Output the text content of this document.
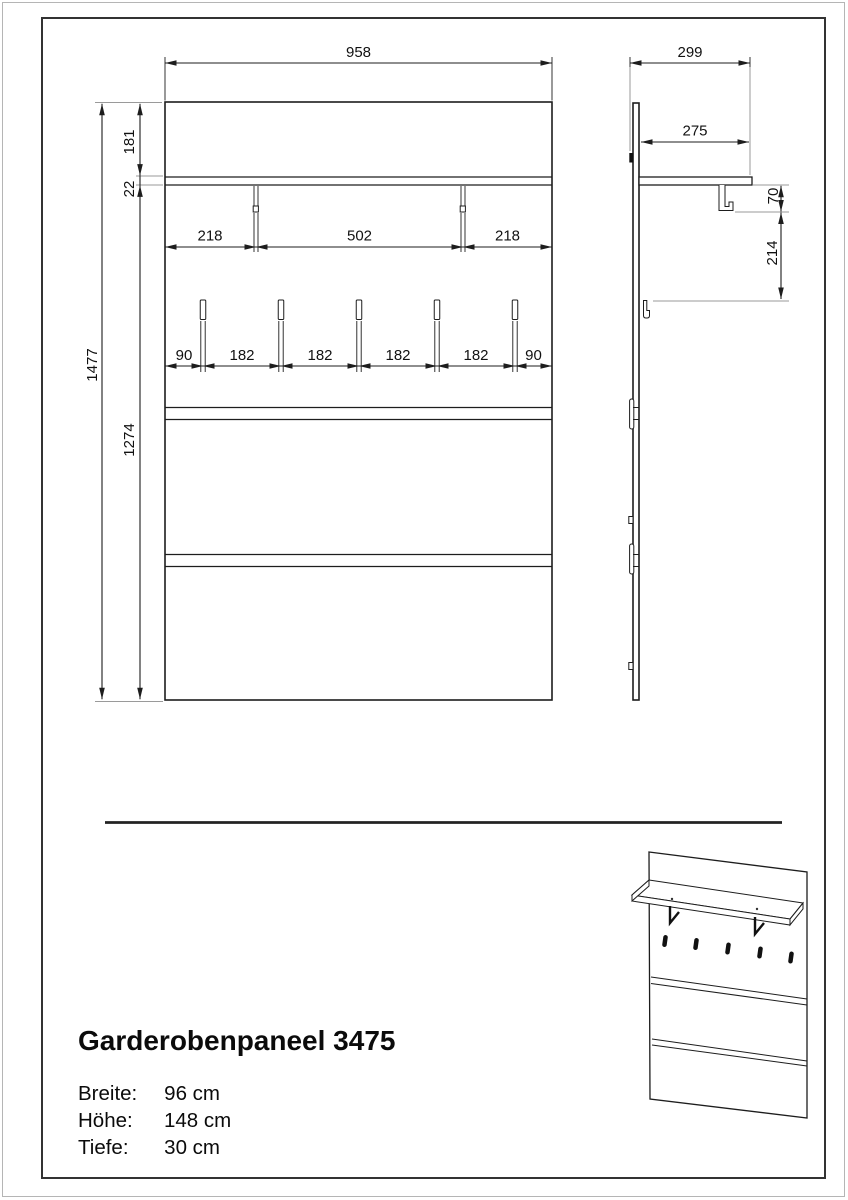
958
1477
181
22
1274
218	502	218
90 182	182	182	182 90
299
275
70
214
Garderobenpaneel 3475
Breite:	96 cm
Höhe:	148 cm
Tiefe:	30 cm
